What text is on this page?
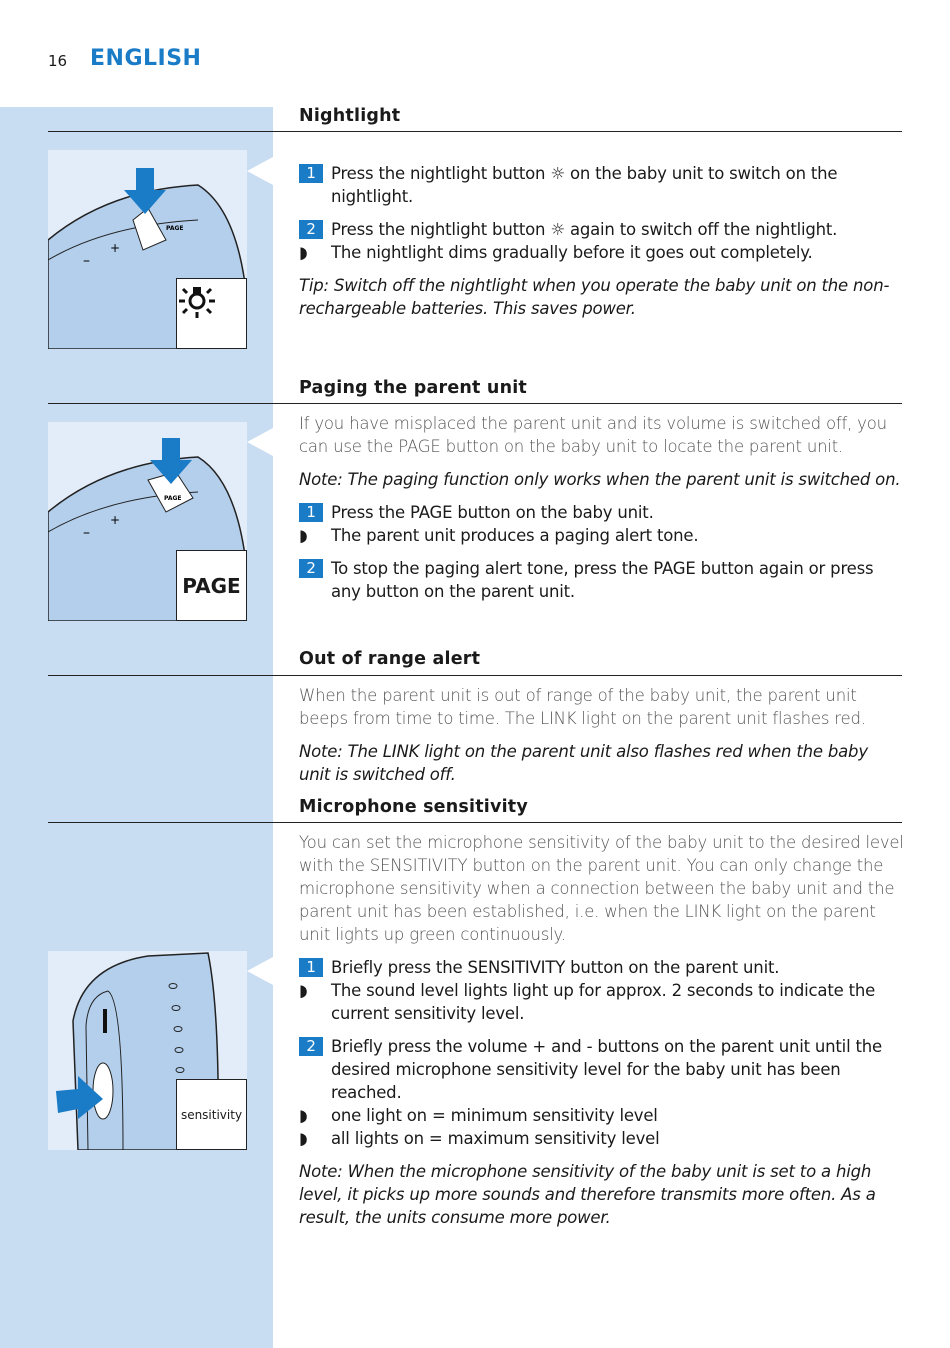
16 ENGLISH
Nightlight
–
+
PAGE
1 Press the nightlight button ☼ on the baby unit to switch on the nightlight.
2 Press the nightlight button ☼ again to switch off the nightlight.
◗ The nightlight dims gradually before it goes out completely.
Tip: Switch off the nightlight when you operate the baby unit on the non-rechargeable batteries. This saves power.
Paging the parent unit
–
+
PAGE
PAGE
If you have misplaced the parent unit and its volume is switched off, you can use the PAGE button on the baby unit to locate the parent unit.
Note: The paging function only works when the parent unit is switched on.
1 Press the PAGE button on the baby unit.
◗ The parent unit produces a paging alert tone.
2 To stop the paging alert tone, press the PAGE button again or press any button on the parent unit.
Out of range alert
When the parent unit is out of range of the baby unit, the parent unit beeps from time to time. The LINK light on the parent unit flashes red.
Note: The LINK light on the parent unit also flashes red when the baby unit is switched off.
Microphone sensitivity
sensitivity
You can set the microphone sensitivity of the baby unit to the desired level with the SENSITIVITY button on the parent unit. You can only change the microphone sensitivity when a connection between the baby unit and the parent unit has been established, i.e. when the LINK light on the parent unit lights up green continuously.
1 Briefly press the SENSITIVITY button on the parent unit.
◗ The sound level lights light up for approx. 2 seconds to indicate the current sensitivity level.
2 Briefly press the volume + and - buttons on the parent unit until the desired microphone sensitivity level for the baby unit has been reached.
◗ one light on = minimum sensitivity level
◗ all lights on = maximum sensitivity level
Note: When the microphone sensitivity of the baby unit is set to a high level, it picks up more sounds and therefore transmits more often. As a result, the units consume more power.
